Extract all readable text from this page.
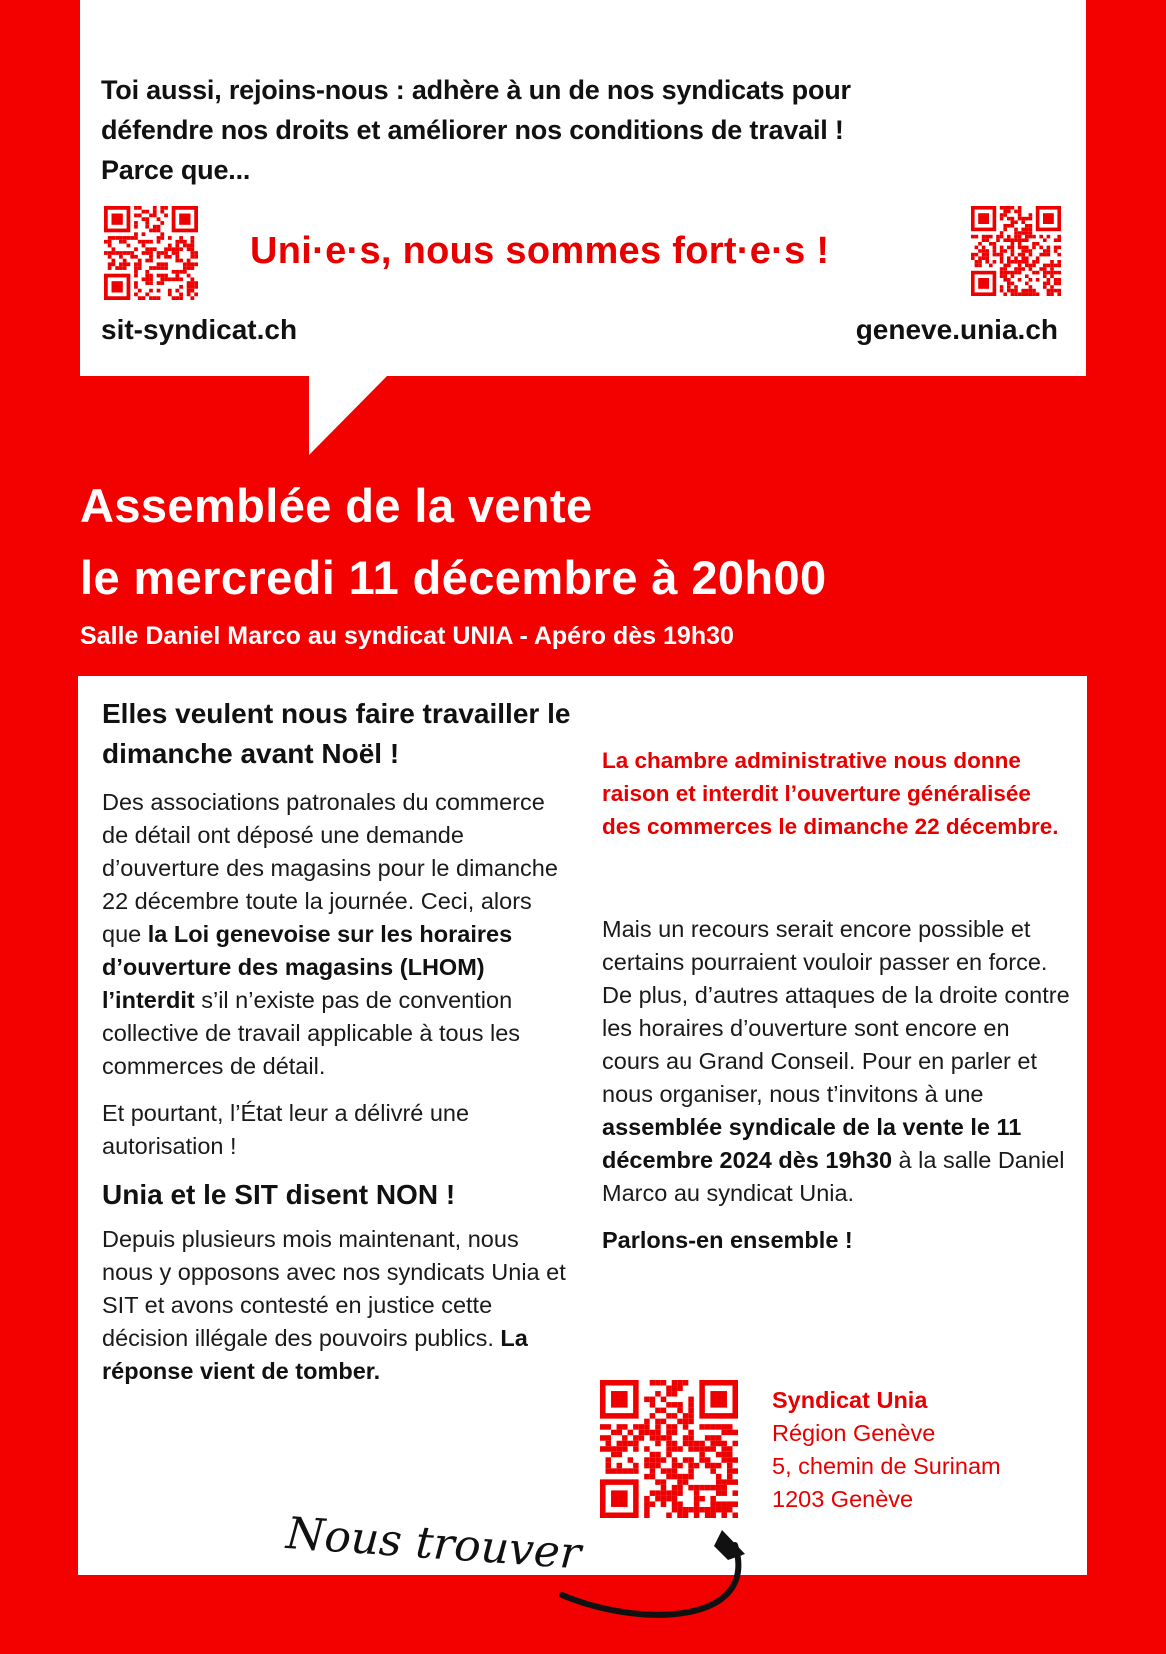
Toi aussi, rejoins-nous : adhère à un de nos syndicats pour
défendre nos droits et améliorer nos conditions de travail !
Parce que...
Uni·e·s, nous sommes fort·e·s !
sit-syndicat.ch	geneve.unia.ch
Assemblée de la vente
le mercredi 11 décembre à 20h00
Salle Daniel Marco au syndicat UNIA - Apéro dès 19h30
Elles veulent nous faire travailler le dimanche avant Noël !

Des associations patronales du commerce de détail ont déposé une demande d’ouverture des magasins pour le dimanche 22 décembre toute la journée. Ceci, alors que la Loi genevoise sur les horaires d’ouverture des magasins (LHOM) l’interdit s’il n’existe pas de convention collective de travail applicable à tous les commerces de détail.

Et pourtant, l’État leur a délivré une autorisation !

Unia et le SIT disent NON !

Depuis plusieurs mois maintenant, nous nous y opposons avec nos syndicats Unia et SIT et avons contesté en justice cette décision illégale des pouvoirs publics. La réponse vient de tomber.

La chambre administrative nous donne raison et interdit l’ouverture généralisée des commerces le dimanche 22 décembre.

Mais un recours serait encore possible et certains pourraient vouloir passer en force. De plus, d’autres attaques de la droite contre les horaires d’ouverture sont encore en cours au Grand Conseil. Pour en parler et nous organiser, nous t’invitons à une assemblée syndicale de la vente le 11 décembre 2024 dès 19h30 à la salle Daniel Marco au syndicat Unia.

Parlons-en ensemble !

Syndicat Unia
Région Genève
5, chemin de Surinam
1203 Genève
Nous trouver
